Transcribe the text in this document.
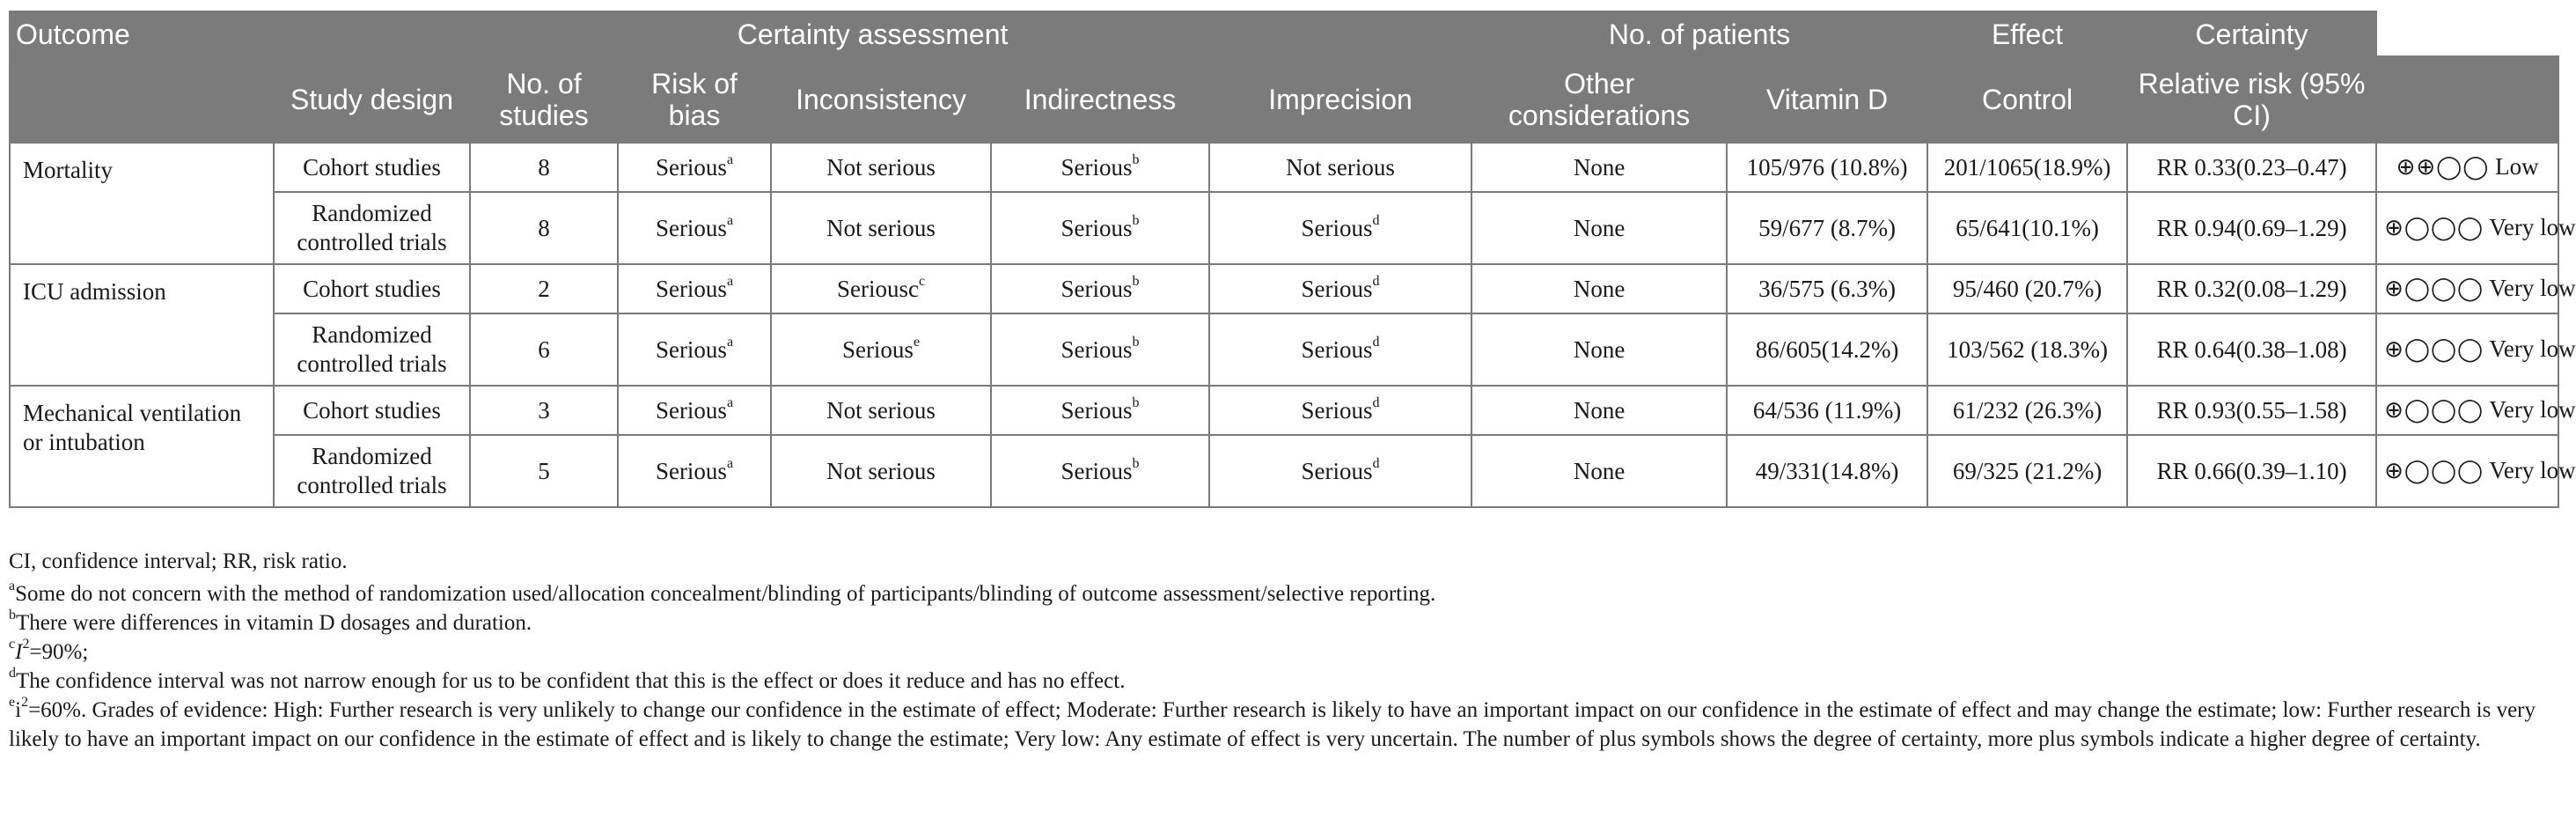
Outcome	Certainty assessment						No. of patients		Effect	Certainty	
	Study design	No. of studies	Risk of bias	Inconsistency	Indirectness	Imprecision	Other considerations	Vitamin D	Control	Relative risk (95% CI)	
Mortality	Cohort studies	8	Serious$^a$	Not serious	Serious$^b$	Not serious	None	105/976 (10.8%)	201/1065(18.9%)	RR 0.33(0.23–0.47)	⊕⊕◯◯ Low
	Randomized controlled trials	8	Serious$^a$	Not serious	Serious$^b$	Serious$^d$	None	59/677 (8.7%)	65/641(10.1%)	RR 0.94(0.69–1.29)	⊕◯◯◯ Very low
ICU admission	Cohort studies	2	Serious$^a$	Seriousc$^c$	Serious$^b$	Serious$^d$	None	36/575 (6.3%)	95/460 (20.7%)	RR 0.32(0.08–1.29)	⊕◯◯◯ Very low
	Randomized controlled trials	6	Serious$^a$	Serious$^e$	Serious$^b$	Serious$^d$	None	86/605(14.2%)	103/562 (18.3%)	RR 0.64(0.38–1.08)	⊕◯◯◯ Very low
Mechanical ventilation or intubation	Cohort studies	3	Serious$^a$	Not serious	Serious$^b$	Serious$^d$	None	64/536 (11.9%)	61/232 (26.3%)	RR 0.93(0.55–1.58)	⊕◯◯◯ Very low
	Randomized controlled trials	5	Serious$^a$	Not serious	Serious$^b$	Serious$^d$	None	49/331(14.8%)	69/325 (21.2%)	RR 0.66(0.39–1.10)	⊕◯◯◯ Very low

CI, confidence interval; RR, risk ratio.

$^a$Some do not concern with the method of randomization used/allocation concealment/blinding of participants/blinding of outcome assessment/selective reporting.

$^b$There were differences in vitamin D dosages and duration.

$^cI^2=90\%$;

$^d$The confidence interval was not narrow enough for us to be confident that this is the effect or does it reduce and has no effect.

$^ei^2=60\%$. Grades of evidence: High: Further research is very unlikely to change our confidence in the estimate of effect; Moderate: Further research is likely to have an important impact on our confidence in the estimate of effect and may change the estimate; low: Further research is very likely to have an important impact on our confidence in the estimate of effect and is likely to change the estimate; Very low: Any estimate of effect is very uncertain. The number of plus symbols shows the degree of certainty, more plus symbols indicate a higher degree of certainty.
